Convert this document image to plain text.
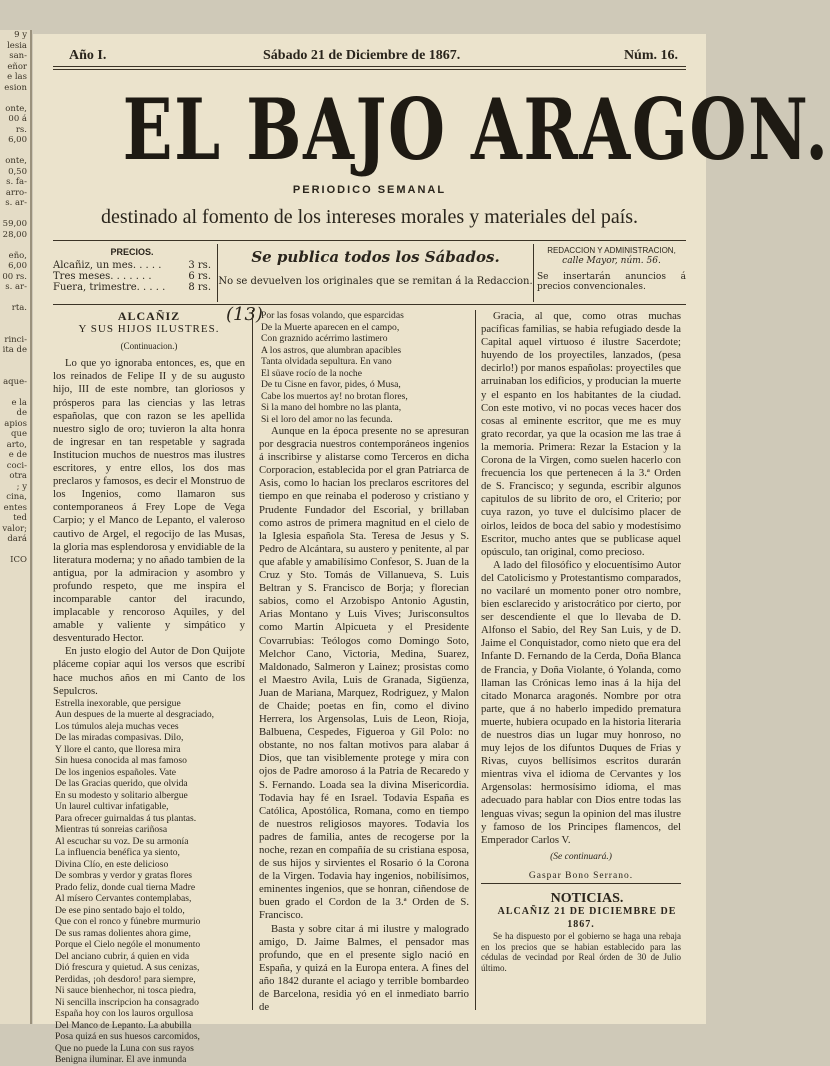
9 y
lesia
san-
eñor
e las
esion

onte,
00 á
rs.
6,00

onte,
0,50
s. fa-
arro-
s. ar-

59,00
28,00

eño,
6,00
00 rs.
s. ar-

rta.

rinci-
ita de

aque-

e la
de
apios
que
arto,
e de
coci-
otra
; y
cina,
entes
ted
valor;
dará

ICO
Año I.	Sábado 21 de Diciembre de 1867.	Núm. 16.
EL BAJO ARAGON.
PERIODICO SEMANAL
destinado al fomento de los intereses morales y materiales del país.
PRECIOS.
Alcañiz, un mes. . . . .	3 rs.
Tres meses. . . . . . .	6 rs.
Fuera, trimestre. . . . . 8 rs.
Se publica todos los Sábados.
No se devuelven los originales que se remitan á la Redaccion.
REDACCION Y ADMINISTRACION,
calle Mayor, núm. 56.
Se insertarán anuncios á precios convencionales.
(13)

ALCAÑIZ

Y SUS HIJOS ILUSTRES.

(Continuacion.)

Lo que yo ignoraba entonces, es, que en los reinados de Felipe II y de su augusto hijo, III de este nombre, tan gloriosos y prósperos para las ciencias y las letras españolas, que con razon se les apellida nuestro siglo de oro; tuvieron la alta honra de ingresar en tan respetable y sagrada Institucion muchos de nuestros mas ilustres escritores, y entre ellos, los dos mas preclaros y famosos, es decir el Monstruo de los Ingenios, como llamaron sus contemporaneos á Frey Lope de Vega Carpio; y el Manco de Lepanto, el valeroso cautivo de Argel, el regocijo de las Musas, la gloria mas esplendorosa y envidiable de la literatura moderna; y no añado tambien de la antigua, por la admiracion y asombro y profundo respeto, que me inspira el incomparable cantor del iracundo, implacable y rencoroso Aquiles, y del amable y valiente y simpático y desventurado Hector.

En justo elogio del Autor de Don Quijote pláceme copiar aqui los versos que escribí hace muchos años en mi Canto de los Sepulcros.

Estrella inexorable, que persigue

Aun despues de la muerte al desgraciado,

Los túmulos aleja muchas veces

De las miradas compasivas. Dilo,

Y llore el canto, que lloresa mira

Sin huesa conocida al mas famoso

De los ingenios españoles. Vate

De las Gracias querido, que olvida

En su modesto y solitario albergue

Un laurel cultivar infatigable,

Para ofrecer guirnaldas á tus plantas.

Mientras tú sonreias cariñosa

Al escuchar su voz. De su armonía

La influencia benéfica ya siento,

Divina Clío, en este delicioso

De sombras y verdor y gratas flores

Prado feliz, donde cual tierna Madre

Al mísero Cervantes contemplabas,

De ese pino sentado bajo el toldo,

Que con el ronco y fúnebre murmurio

De sus ramas dolientes ahora gime,

Porque el Cielo nególe el monumento

Del anciano cubrir, á quien en vida

Dió frescura y quietud. A sus cenizas,

Perdidas, ¡oh desdoro! para siempre,

Ni sauce bienhechor, ni tosca piedra,

Ni sencilla inscripcion ha consagrado

España hoy con los lauros orgullosa

Del Manco de Lepanto. La abubilla

Posa quizá en sus huesos carcomidos,

Que no puede la Luna con sus rayos

Benigna iluminar. El ave inmunda

Por las fosas volando, que esparcidas

De la Muerte aparecen en el campo,

Con graznido acérrimo lastimero

A los astros, que alumbran apacibles

Tanta olvidada sepultura. En vano

El süave rocío de la noche

De tu Cisne en favor, pides, ó Musa,

Cabe los muertos ay! no brotan flores,

Si la mano del hombre no las planta,

Si el loro del amor no las fecunda.

Aunque en la época presente no se apresuran por desgracia nuestros contemporáneos ingenios á inscribirse y alistarse como Terceros en dicha Corporacion, establecida por el gran Patriarca de Asis, como lo hacian los preclaros escritores del tiempo en que reinaba el poderoso y cristiano y Prudente Fundador del Escorial, y brillaban como astros de primera magnitud en el cielo de la Iglesia española Sta. Teresa de Jesus y S. Pedro de Alcántara, su austero y penitente, al par que afable y amabilísimo Confesor, S. Juan de la Cruz y Sto. Tomás de Villanueva, S. Luis Beltran y S. Francisco de Borja; y florecian sabios, como el Arzobispo Antonio Agustin, Arias Montano y Luis Vives; Jurisconsultos como Martin Alpicueta y el Presidente Covarrubias: Teólogos como Domingo Soto, Melchor Cano, Victoria, Medina, Suarez, Maldonado, Salmeron y Lainez; prosistas como el Maestro Avila, Luis de Granada, Sigüenza, Juan de Mariana, Marquez, Rodriguez, y Malon de Chaide; poetas en fin, como el divino Herrera, los Argensolas, Luis de Leon, Rioja, Balbuena, Cespedes, Figueroa y Gil Polo: no obstante, no nos faltan motivos para alabar á Dios, que tan visiblemente protege y mira con ojos de Padre amoroso á la Patria de Recaredo y S. Fernando. Loada sea la divina Misericordia. Todavia hay fé en Israel. Todavia España es Católica, Apostólica, Romana, como en tiempo de nuestros religiosos mayores. Todavia los padres de familia, antes de recogerse por la noche, rezan en compañía de su cristiana esposa, de sus hijos y sirvientes el Rosario ó la Corona de la Virgen. Todavia hay ingenios, nobilísimos, eminentes ingenios, que se honran, ciñendose de buen grado el Cordon de la 3.ª Orden de S. Francisco.

Basta y sobre citar á mi ilustre y malogrado amigo, D. Jaime Balmes, el pensador mas profundo, que en el presente siglo nació en España, y quizá en la Europa entera. A fines del año 1842 durante el aciago y terrible bombardeo de Barcelona, residia yó en el inmediato barrio de

Gracia, al que, como otras muchas pacíficas familias, se habia refugiado desde la Capital aquel virtuoso é ilustre Sacerdote; huyendo de los proyectiles, lanzados, (pesa decirlo!) por manos españolas: proyectiles que arruinaban los edificios, y producian la muerte y el espanto en los habitantes de la ciudad. Con este motivo, vi no pocas veces hacer dos cosas al eminente escritor, que me es muy grato recordar, ya que la ocasion me las trae á la memoria. Primera: Rezar la Estacion y la Corona de la Virgen, como suelen hacerlo con frecuencia los que pertenecen á la 3.ª Orden de S. Francisco; y segunda, escribir algunos capitulos de su librito de oro, el Criterio; por cuya razon, yo tuve el dulcísimo placer de oirlos, leidos de boca del sabio y modestísimo Escritor, mucho antes que se publicase aquel opúsculo, tan original, como precioso.

A lado del filosófico y elocuentísimo Autor del Catolicismo y Protestantismo comparados, no vacilaré un momento poner otro nombre, bien esclarecido y aristocrático por cierto, por ser descendiente el que lo llevaba de D. Alfonso el Sabio, del Rey San Luis, y de D. Jaime el Conquistador, como nieto que era del Infante D. Fernando de la Cerda, Doña Blanca de Francia, y Doña Violante, ó Yolanda, como llaman las Crónicas lemo inas á la hija del citado Monarca aragonés. Nombre por otra parte, que á no haberlo impedido prematura muerte, hubiera ocupado en la historia literaria de nuestros dias un lugar muy honroso, no muy lejos de los difuntos Duques de Frias y Rivas, cuyos bellísimos escritos durarán mientras viva el idioma de Cervantes y los Argensolas: hermosísimo idioma, el mas adecuado para hablar con Dios entre todas las lenguas vivas; segun la opinion del mas ilustre y famoso de los Principes flamencos, del Emperador Carlos V.

(Se continuará.)

Gaspar Bono Serrano.

NOTICIAS.

ALCAÑIZ 21 DE DICIEMBRE DE 1867.

Se ha dispuesto por el gobierno se haga una rebaja en los precios que se habian establecido para las cédulas de vecindad por Real órden de 30 de Julio último.
